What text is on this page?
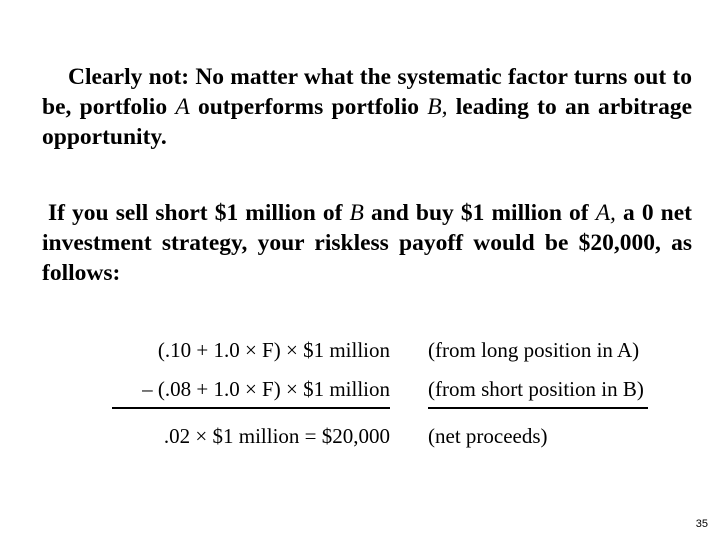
Clearly not: No matter what the systematic factor turns out to be, portfolio A outperforms portfolio B, leading to an arbitrage opportunity.

If you sell short $1 million of B and buy $1 million of A, a 0 net investment strategy, your riskless payoff would be $20,000, as follows:

(.10 + 1.0 × F) × $1 million (from long position in A)
– (.08 + 1.0 × F) × $1 million (from short position in B)
.02 × $1 million = $20,000 (net proceeds)
35
